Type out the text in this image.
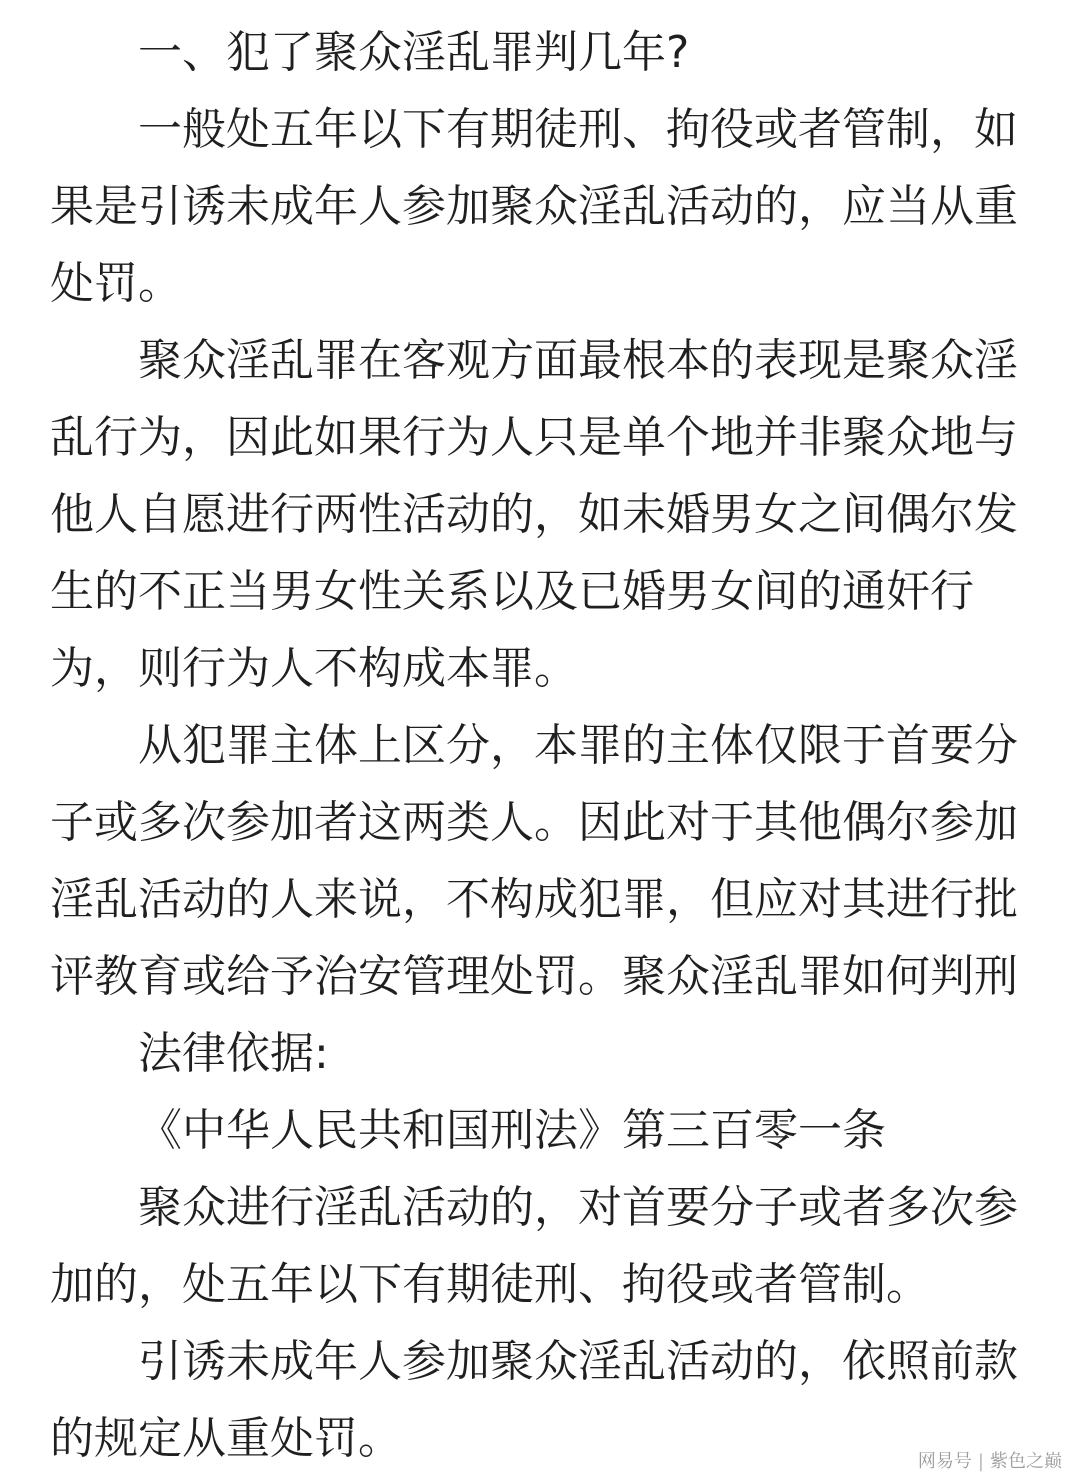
一、犯了聚众淫乱罪判几年?

一般处五年以下有期徒刑、拘役或者管制，如果是引诱未成年人参加聚众淫乱活动的，应当从重处罚。

聚众淫乱罪在客观方面最根本的表现是聚众淫乱行为，因此如果行为人只是单个地并非聚众地与他人自愿进行两性活动的，如未婚男女之间偶尔发生的不正当男女性关系以及已婚男女间的通奸行为，则行为人不构成本罪。

从犯罪主体上区分，本罪的主体仅限于首要分子或多次参加者这两类人。因此对于其他偶尔参加淫乱活动的人来说，不构成犯罪，但应对其进行批评教育或给予治安管理处罚。聚众淫乱罪如何判刑

法律依据:

《中华人民共和国刑法》第三百零一条

聚众进行淫乱活动的，对首要分子或者多次参加的，处五年以下有期徒刑、拘役或者管制。

引诱未成年人参加聚众淫乱活动的，依照前款的规定从重处罚。	网易号 | 紫色之巅
